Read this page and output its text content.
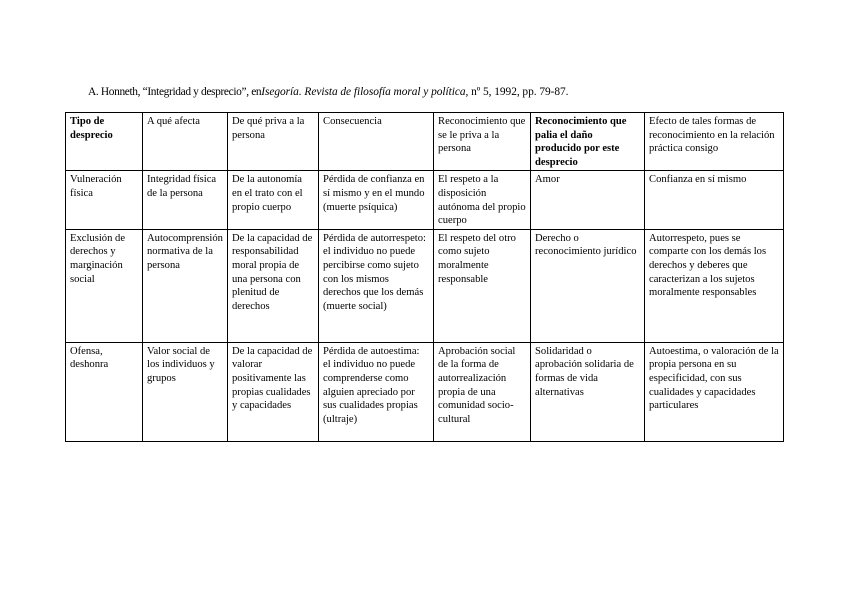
A. Honneth, “Integridad y desprecio”, enIsegoría. Revista de filosofía moral y política, nº 5, 1992, pp. 79-87.
Tipo de desprecio	A qué afecta	De qué priva a la persona	Consecuencia	Reconocimiento que se le priva a la persona	Reconocimiento que palia el daño producido por este desprecio	Efecto de tales formas de reconocimiento en la relación práctica consigo
Vulneración física	Integridad física de la persona	De la autonomía en el trato con el propio cuerpo	Pérdida de confianza en sí mismo y en el mundo (muerte psíquica)	El respeto a la disposición autónoma del propio cuerpo	Amor	Confianza en sí mismo
Exclusión de derechos y marginación social	Autocomprensión normativa de la persona	De la capacidad de responsabilidad moral propia de una persona con plenitud de derechos	Pérdida de autorrespeto: el individuo no puede percibirse como sujeto con los mismos derechos que los demás (muerte social)	El respeto del otro como sujeto moralmente responsable	Derecho o reconocimiento jurídico	Autorrespeto, pues se comparte con los demás los derechos y deberes que caracterizan a los sujetos moralmente responsables
Ofensa, deshonra	Valor social de los individuos y grupos	De la capacidad de valorar positivamente las propias cualidades y capacidades	Pérdida de autoestima: el individuo no puede comprenderse como alguien apreciado por sus cualidades propias (ultraje)	Aprobación social de la forma de autorrealización propia de una comunidad socio-cultural	Solidaridad o aprobación solidaria de formas de vida alternativas	Autoestima, o valoración de la propia persona en su especificidad, con sus cualidades y capacidades particulares
